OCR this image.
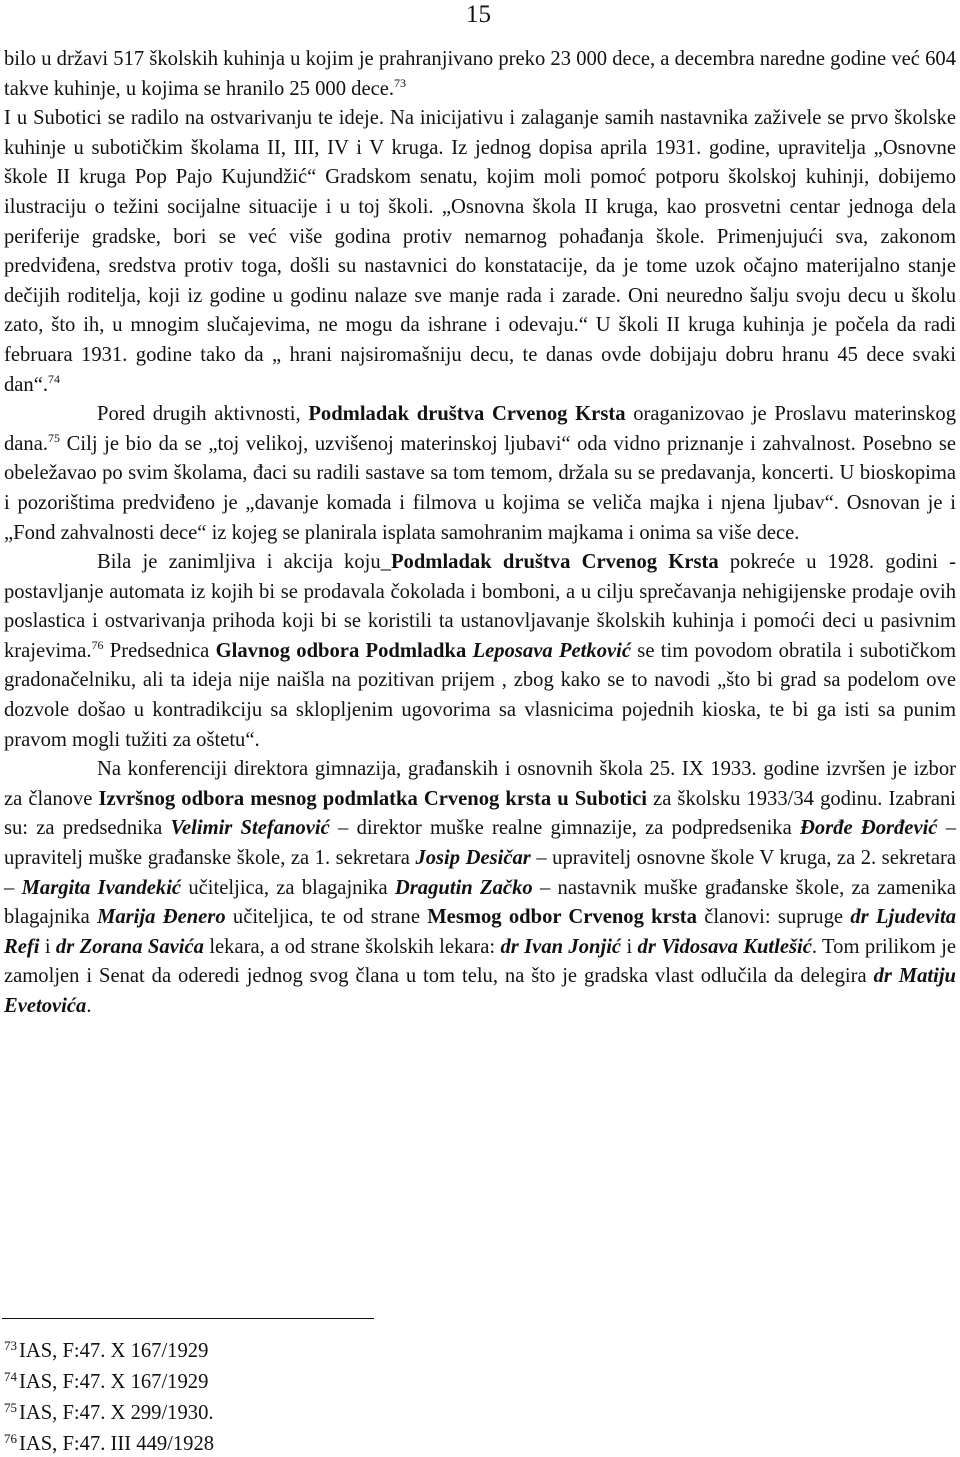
15

bilo u državi 517 školskih kuhinja u kojim je prahranjivano preko 23 000 dece, a decembra naredne godine već 604 takve kuhinje, u kojima se hranilo 25 000 dece.$^{73}$

I u Subotici se radilo na ostvarivanju te ideje. Na inicijativu i zalaganje samih nastavnika zaživele se prvo školske kuhinje u subotičkim školama II, III, IV i V kruga. Iz jednog dopisa aprila 1931. godine, upravitelja „Osnovne škole II kruga Pop Pajo Kujundžić“ Gradskom senatu, kojim moli pomoć potporu školskoj kuhinji, dobijemo ilustraciju o težini socijalne situacije i u toj školi. „Osnovna škola II kruga, kao prosvetni centar jednoga dela periferije gradske, bori se već više godina protiv nemarnog pohađanja škole. Primenjujući sva, zakonom predviđena, sredstva protiv toga, došli su nastavnici do konstatacije, da je tome uzok očajno materijalno stanje dečijih roditelja, koji iz godine u godinu nalaze sve manje rada i zarade. Oni neuredno šalju svoju decu u školu zato, što ih, u mnogim slučajevima, ne mogu da ishrane i odevaju.“ U školi II kruga kuhinja je počela da radi februara 1931. godine tako da „ hrani najsiromašniju decu, te danas ovde dobijaju dobru hranu 45 dece svaki dan“.$^{74}$

Pored drugih aktivnosti, Podmladak društva Crvenog Krsta oraganizovao je Proslavu materinskog dana.$^{75}$ Cilj je bio da se „toj velikoj, uzvišenoj materinskoj ljubavi“ oda vidno priznanje i zahvalnost. Posebno se obeležavao po svim školama, đaci su radili sastave sa tom temom, držala su se predavanja, koncerti. U bioskopima i pozorištima predviđeno je „davanje komada i filmova u kojima se veliča majka i njena ljubav“. Osnovan je i „Fond zahvalnosti dece“ iz kojeg se planirala isplata samohranim majkama i onima sa više dece.

Bila je zanimljiva i akcija koju_Podmladak društva Crvenog Krsta pokreće u 1928. godini - postavljanje automata iz kojih bi se prodavala čokolada i bomboni, a u cilju sprečavanja nehigijenske prodaje ovih poslastica i ostvarivanja prihoda koji bi se koristili ta ustanovljavanje školskih kuhinja i pomoći deci u pasivnim krajevima.$^{76}$ Predsednica Glavnog odbora Podmladka Leposava Petković se tim povodom obratila i subotičkom gradonačelniku, ali ta ideja nije naišla na pozitivan prijem , zbog kako se to navodi „što bi grad sa podelom ove dozvole došao u kontradikciju sa skloplјenim ugovorima sa vlasnicima pojednih kioska, te bi ga isti sa punim pravom mogli tužiti za oštetu“.

Na konferenciji direktora gimnazija, građanskih i osnovnih škola 25. IX 1933. godine izvršen je izbor za članove Izvršnog odbora mesnog podmlatka Crvenog krsta u Subotici za školsku 1933/34 godinu. Izabrani su: za predsednika Velimir Stefanović – direktor muške realne gimnazije, za podpredsenika Đorđe Đorđević – upravitelj muške građanske škole, za 1. sekretara Josip Desičar – upravitelj osnovne škole V kruga, za 2. sekretara – Margita Ivandekić učiteljica, za blagajnika Dragutin Začko – nastavnik muške građanske škole, za zamenika blagajnika Marija Đenero učiteljica, te od strane Mesmog odbor Crvenog krsta članovi: supruge dr Ljudevita Refi i dr Zorana Savića lekara, a od strane školskih lekara: dr Ivan Jonjić i dr Vidosava Kutlešić. Tom prilikom je zamoljen i Senat da oderedi jednog svog člana u tom telu, na što je gradska vlast odlučila da delegira dr Matiju Evetovića.

$^{73}$IAS, F:47. X 167/1929
$^{74}$IAS, F:47. X 167/1929
$^{75}$IAS, F:47. X 299/1930.
$^{76}$IAS, F:47. III 449/1928
